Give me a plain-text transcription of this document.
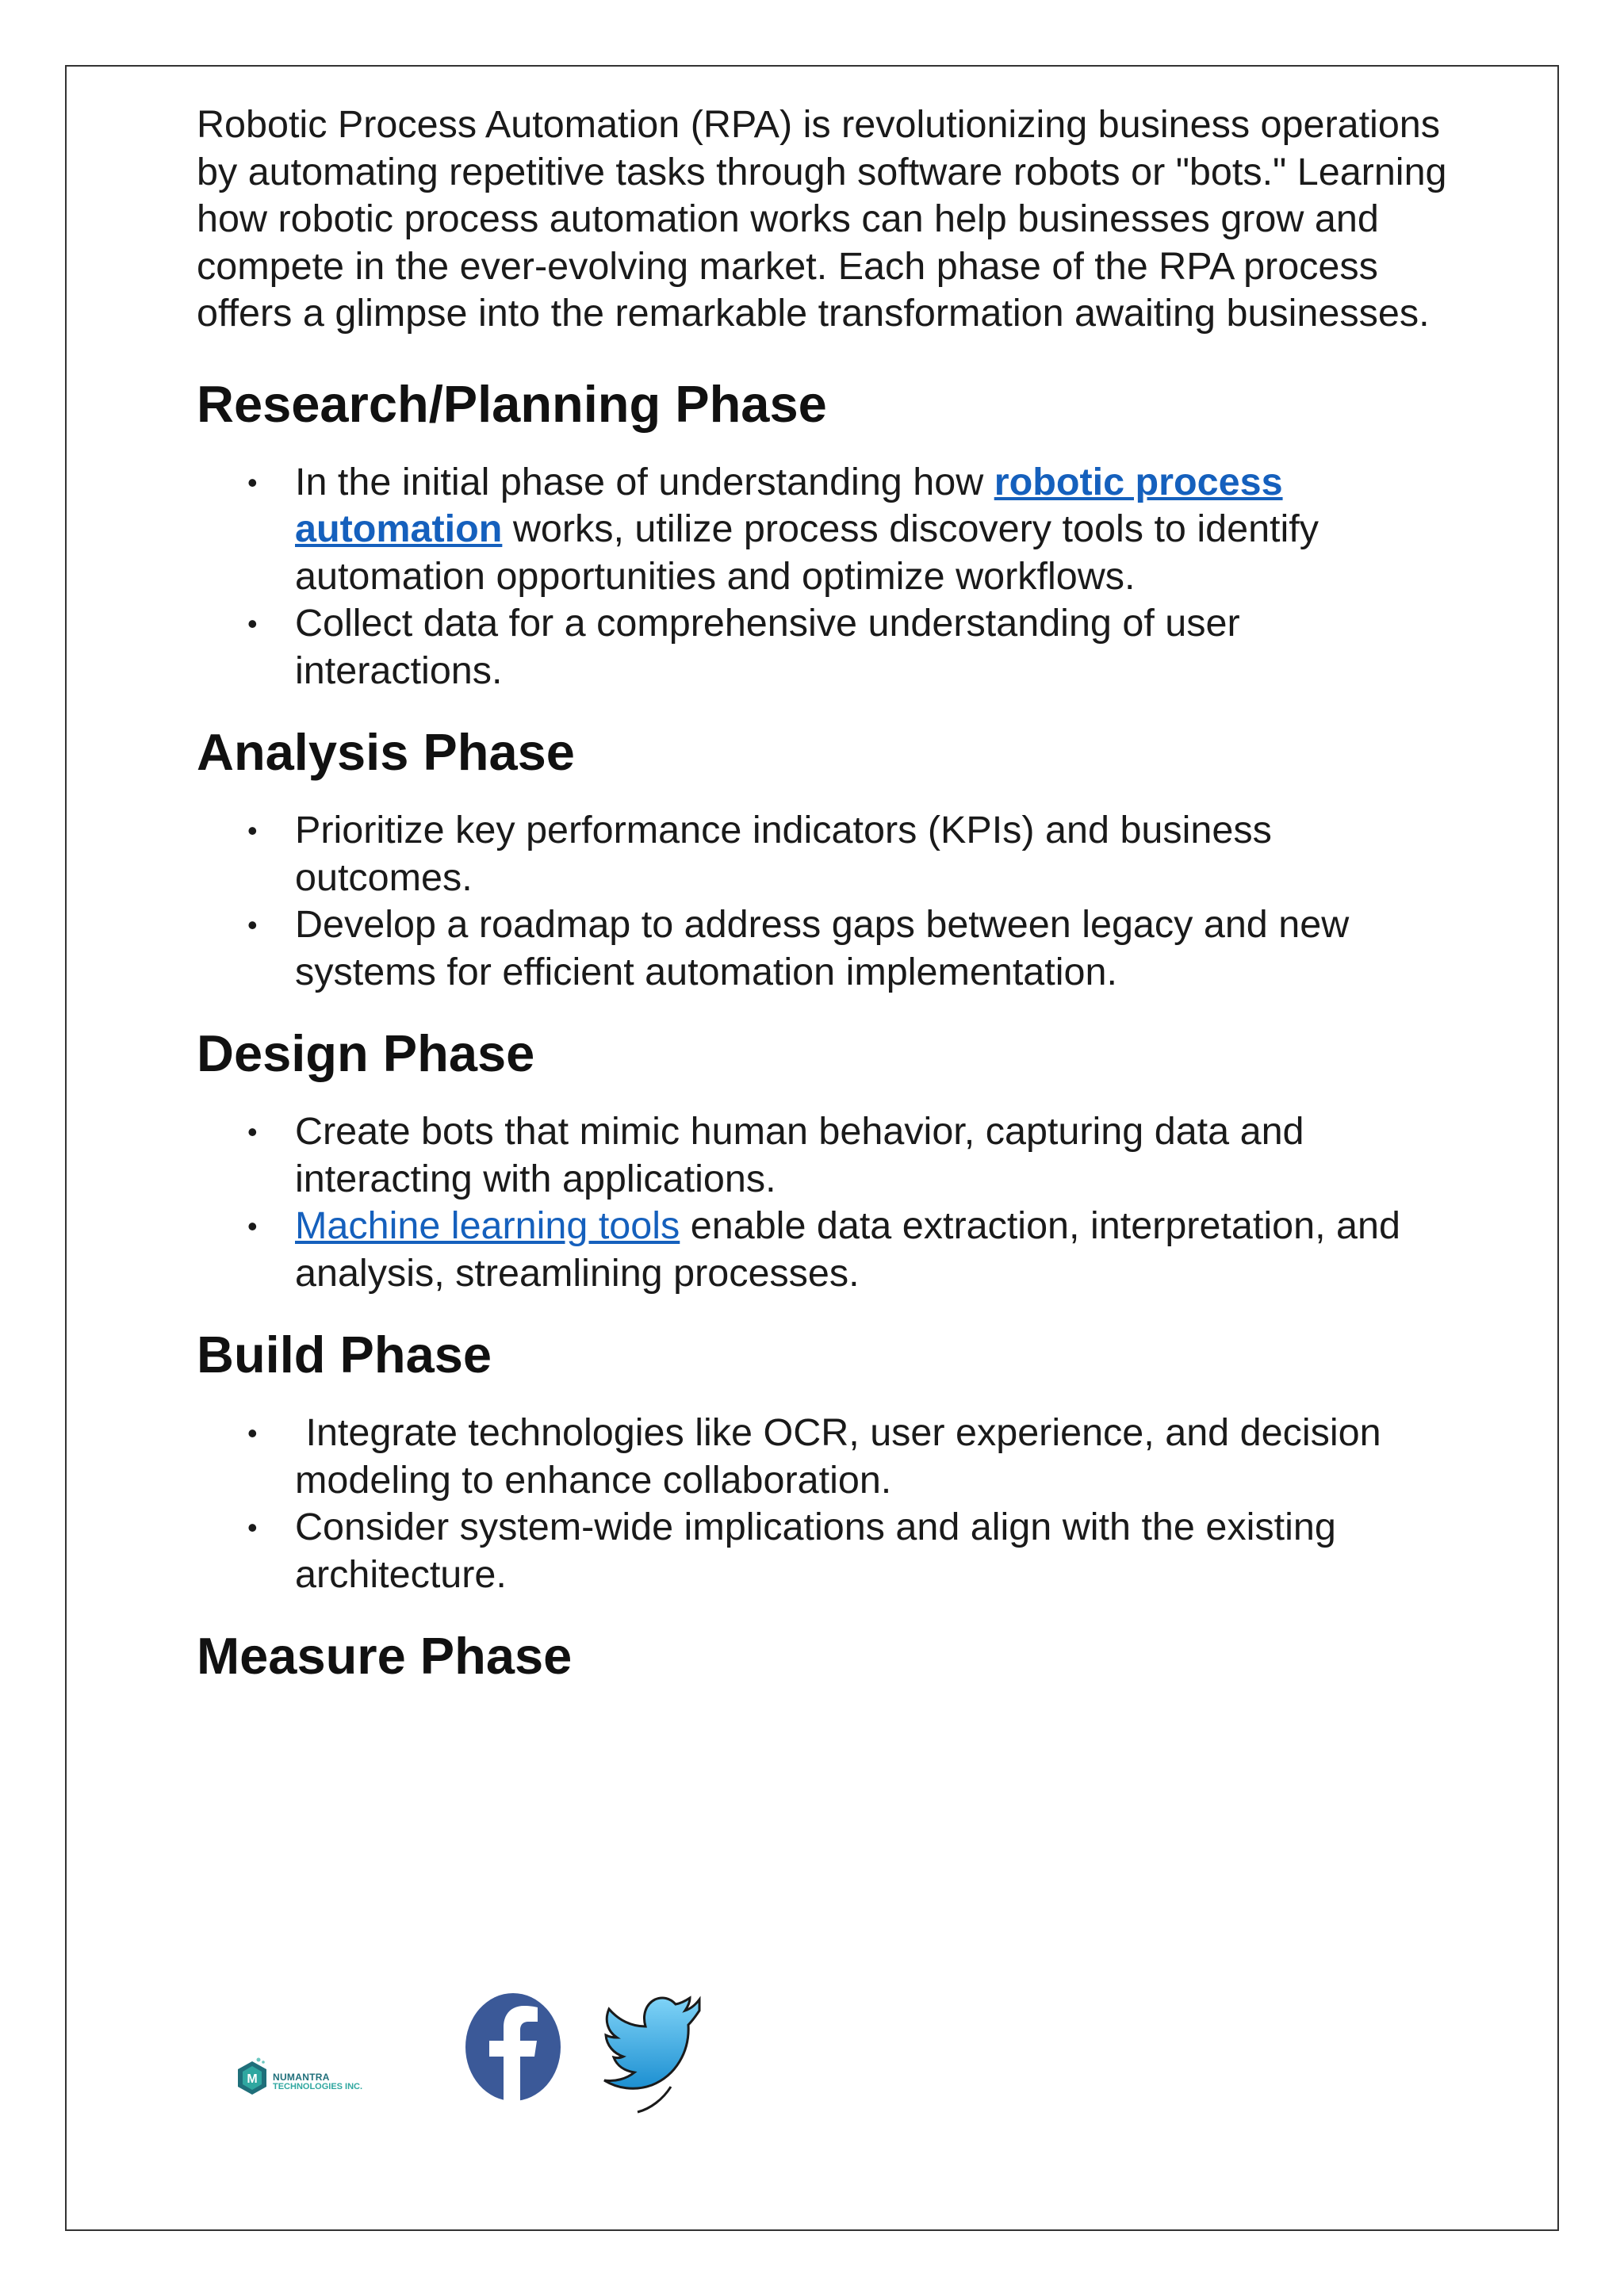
Robotic Process Automation (RPA) is revolutionizing business operations by automating repetitive tasks through software robots or "bots." Learning how robotic process automation works can help businesses grow and compete in the ever-evolving market. Each phase of the RPA process offers a glimpse into the remarkable transformation awaiting businesses.

Research/Planning Phase
• In the initial phase of understanding how robotic process automation works, utilize process discovery tools to identify automation opportunities and optimize workflows.
• Collect data for a comprehensive understanding of user interactions.
Analysis Phase
• Prioritize key performance indicators (KPIs) and business outcomes.
• Develop a roadmap to address gaps between legacy and new systems for efficient automation implementation.
Design Phase
• Create bots that mimic human behavior, capturing data and interacting with applications.
• Machine learning tools enable data extraction, interpretation, and analysis, streamlining processes.
Build Phase
• Integrate technologies like OCR, user experience, and decision modeling to enhance collaboration.
• Consider system-wide implications and align with the existing architecture.
Measure Phase
M NUMANTRA
TECHNOLOGIES INC.
